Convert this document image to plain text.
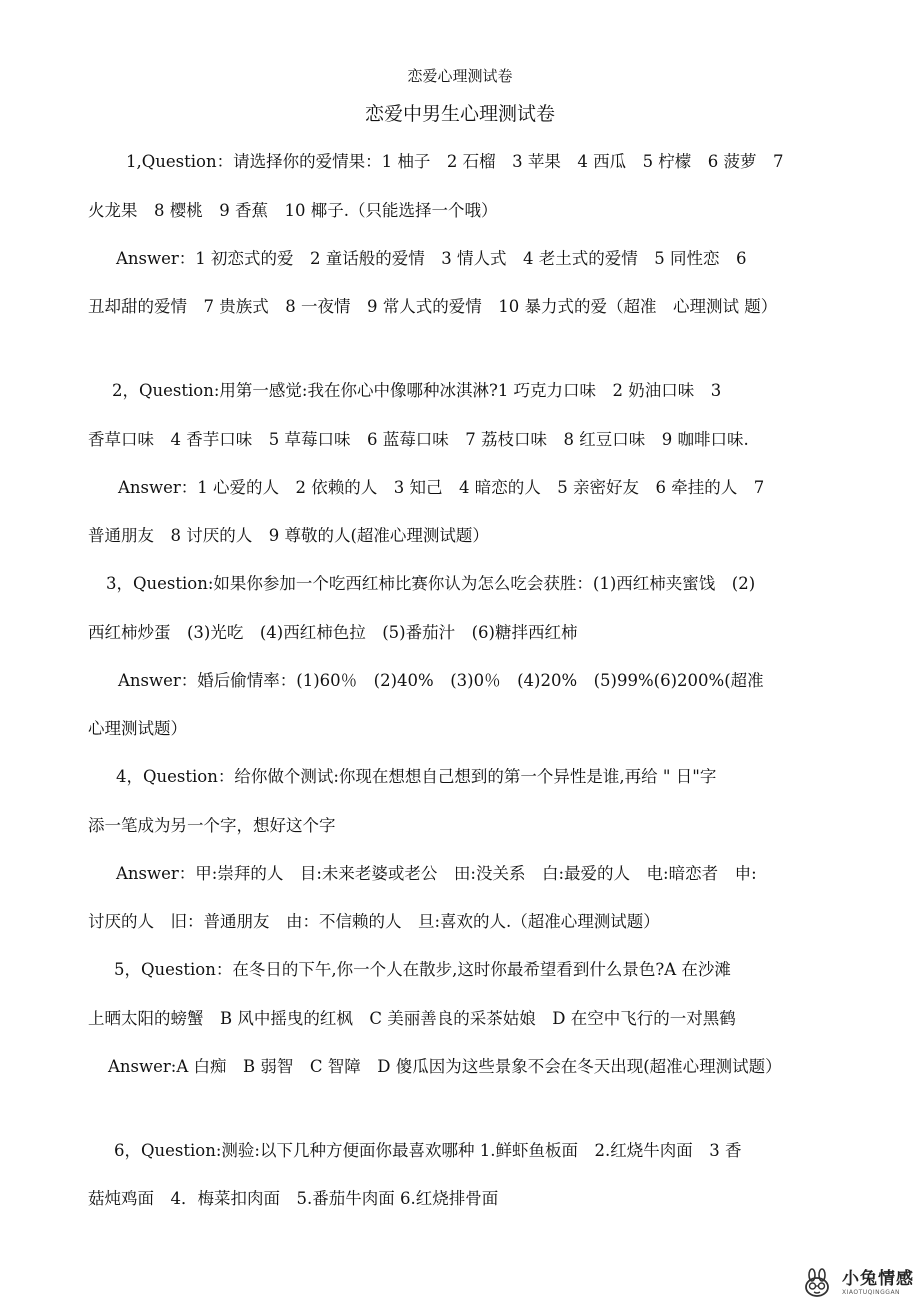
恋爱心理测试卷
恋爱中男生心理测试卷
1,Question：请选择你的爱情果：1 柚子　2 石榴　3 苹果　4 西瓜　5 柠檬　6 菠萝　7
火龙果　8 樱桃　9 香蕉　10 椰子.（只能选择一个哦）
Answer：1 初恋式的爱　2 童话般的爱情　3 情人式　4 老土式的爱情　5 同性恋　6
丑却甜的爱情　7 贵族式　8 一夜情　9 常人式的爱情　10 暴力式的爱（超准　心理测试 题）
2，Question:用第一感觉:我在你心中像哪种冰淇淋?1 巧克力口味　2 奶油口味　3
香草口味　4 香芋口味　5 草莓口味　6 蓝莓口味　7 荔枝口味　8 红豆口味　9 咖啡口味.
Answer：1 心爱的人　2 依赖的人　3 知己　4 暗恋的人　5 亲密好友　6 牵挂的人　7
普通朋友　8 讨厌的人　9 尊敬的人(超准心理测试题）
3，Question:如果你参加一个吃西红柿比赛你认为怎么吃会获胜：(1)西红柿夹蜜饯　(2)
西红柿炒蛋　(3)光吃　(4)西红柿色拉　(5)番茄汁　(6)糖拌西红柿
Answer：婚后偷情率：(1)60％　(2)40%　(3)0％　(4)20%　(5)99%(6)200%(超准
心理测试题）
4，Question：给你做个测试:你现在想想自己想到的第一个异性是谁,再给 " 日"字
添一笔成为另一个字，想好这个字
Answer：甲:崇拜的人　目:未来老婆或老公　田:没关系　白:最爱的人　电:暗恋者　申:
讨厌的人　旧：普通朋友　由：不信赖的人　旦:喜欢的人.（超准心理测试题）
5，Question：在冬日的下午,你一个人在散步,这时你最希望看到什么景色?A 在沙滩
上晒太阳的螃蟹　B 风中摇曳的红枫　C 美丽善良的采茶姑娘　D 在空中飞行的一对黑鹤
Answer:A 白痴　B 弱智　C 智障　D 傻瓜因为这些景象不会在冬天出现(超准心理测试题）
6，Question:测验:以下几种方便面你最喜欢哪种 1.鲜虾鱼板面　2.红烧牛肉面　3 香
菇炖鸡面　4．梅菜扣肉面　5.番茄牛肉面 6.红烧排骨面
小兔情感
XIAOTUQINGGAN
